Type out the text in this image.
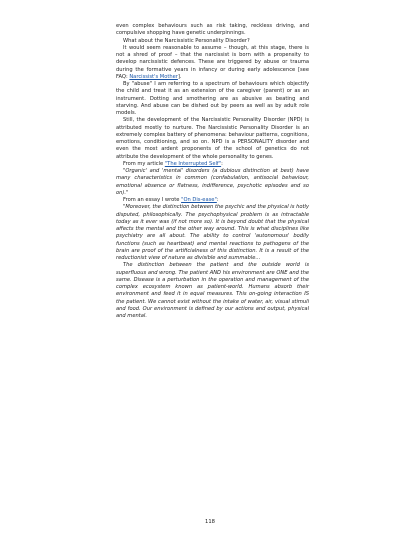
even complex behaviours such as risk taking, reckless driving, and compulsive shopping have genetic underpinnings.

What about the Narcissistic Personality Disorder?

It would seem reasonable to assume – though, at this stage, there is not a shred of proof – that the narcissist is born with a propensity to develop narcissistic defences. These are triggered by abuse or trauma during the formative years in infancy or during early adolescence [see FAQ: Narcissist's Mother].

By "abuse" I am referring to a spectrum of behaviours which objectify the child and treat it as an extension of the caregiver (parent) or as an instrument. Dotting and smothering are as abusive as beating and starving. And abuse can be dished out by peers as well as by adult role models.

Still, the development of the Narcissistic Personality Disorder (NPD) is attributed mostly to nurture. The Narcissistic Personality Disorder is an extremely complex battery of phenomena: behaviour patterns, cognitions, emotions, conditioning, and so on. NPD is a PERSONALITY disorder and even the most ardent proponents of the school of genetics do not attribute the development of the whole personality to genes.

From my article "The Interrupted Self":

"Organic' and 'mental' disorders (a dubious distinction at best) have many characteristics in common (confabulation, antisocial behaviour, emotional absence or flatness, indifference, psychotic episodes and so on)."

From an essay I wrote "On Dis-ease":

"Moreover, the distinction between the psychic and the physical is hotly disputed, philosophically. The psychophysical problem is as intractable today as it ever was (if not more so). It is beyond doubt that the physical affects the mental and the other way around. This is what disciplines like psychiatry are all about. The ability to control 'autonomous' bodily functions (such as heartbeat) and mental reactions to pathogens of the brain are proof of the artificialness of this distinction. It is a result of the reductionist view of nature as divisible and summable…

The distinction between the patient and the outside world is superfluous and wrong. The patient AND his environment are ONE and the same. Disease is a perturbation in the operation and management of the complex ecosystem known as patient-world. Humans absorb their environment and feed it in equal measures. This on-going interaction IS the patient. We cannot exist without the intake of water, air, visual stimuli and food. Our environment is defined by our actions and output, physical and mental.

118
